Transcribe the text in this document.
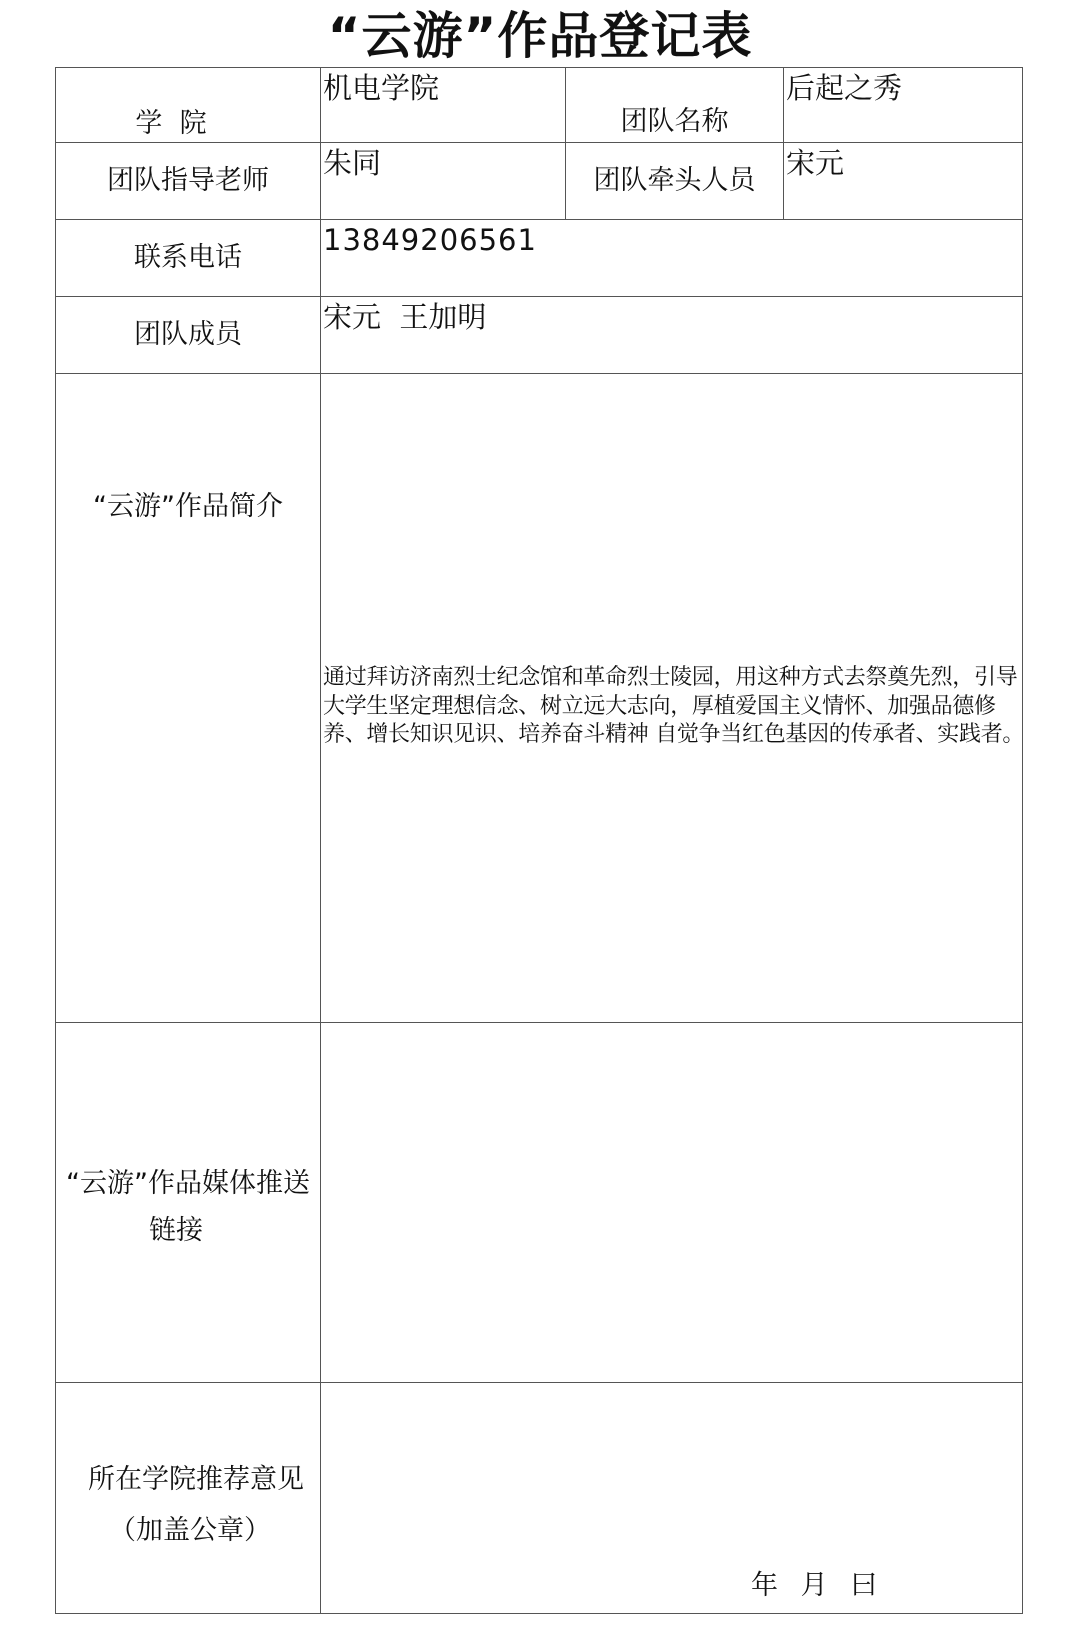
“云游”作品登记表
学  院
机电学院
团队名称
后起之秀
团队指导老师
朱同
团队牵头人员
宋元
联系电话
13849206561
团队成员
宋元  王加明
“云游”作品简介
通过拜访济南烈士纪念馆和革命烈士陵园，用这种方式去祭奠先烈，引导大学生坚定理想信念、树立远大志向，厚植爱国主义情怀、加强品德修养、增长知识见识、培养奋斗精神 自觉争当红色基因的传承者、实践者。
“云游”作品媒体推送
链接
所在学院推荐意见
（加盖公章）
年 月 曰
